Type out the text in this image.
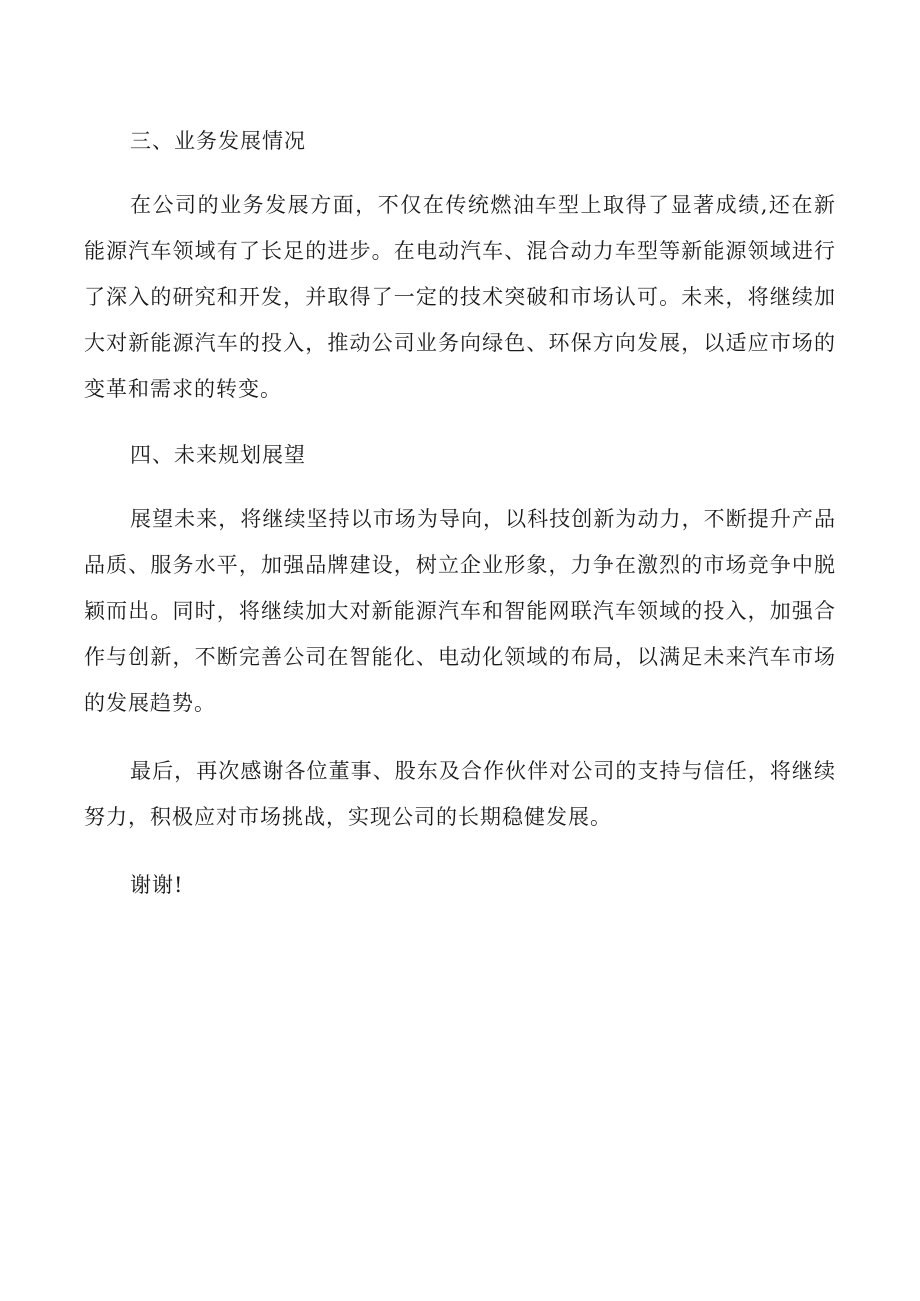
三、业务发展情况

在公司的业务发展方面，不仅在传统燃油车型上取得了显著成绩,还在新能源汽车领域有了长足的进步。在电动汽车、混合动力车型等新能源领域进行了深入的研究和开发，并取得了一定的技术突破和市场认可。未来，将继续加大对新能源汽车的投入，推动公司业务向绿色、环保方向发展，以适应市场的变革和需求的转变。

四、未来规划展望

展望未来，将继续坚持以市场为导向，以科技创新为动力，不断提升产品品质、服务水平，加强品牌建设，树立企业形象，力争在激烈的市场竞争中脱颖而出。同时，将继续加大对新能源汽车和智能网联汽车领域的投入，加强合作与创新，不断完善公司在智能化、电动化领域的布局，以满足未来汽车市场的发展趋势。

最后，再次感谢各位董事、股东及合作伙伴对公司的支持与信任，将继续努力，积极应对市场挑战，实现公司的长期稳健发展。

谢谢!
